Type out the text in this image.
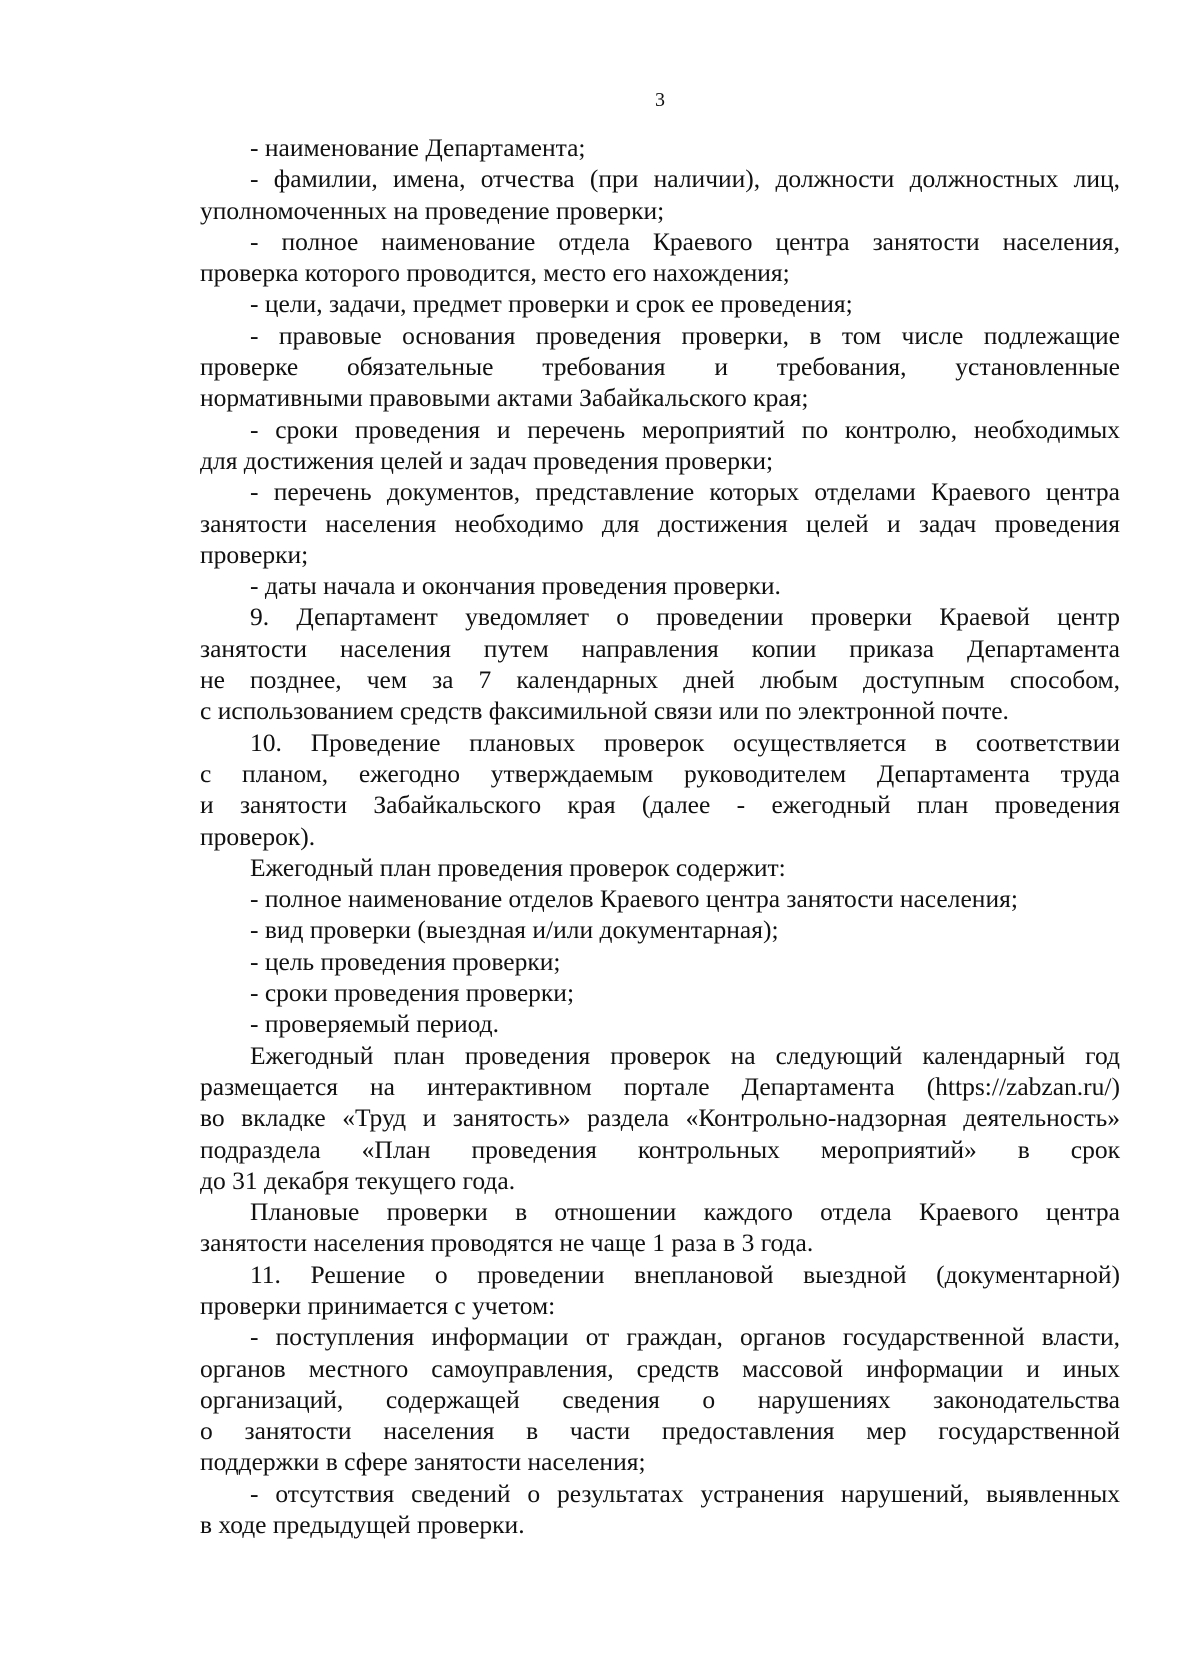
3
- наименование Департамента;
- фамилии, имена, отчества (при наличии), должности должностных лиц,
уполномоченных на проведение проверки;
- полное наименование отдела Краевого центра занятости населения,
проверка которого проводится, место его нахождения;
- цели, задачи, предмет проверки и срок ее проведения;
- правовые основания проведения проверки, в том числе подлежащие
проверке обязательные требования и требования, установленные
нормативными правовыми актами Забайкальского края;
- сроки проведения и перечень мероприятий по контролю, необходимых
для достижения целей и задач проведения проверки;
- перечень документов, представление которых отделами Краевого центра
занятости населения необходимо для достижения целей и задач проведения
проверки;
- даты начала и окончания проведения проверки.
9. Департамент уведомляет о проведении проверки Краевой центр
занятости населения путем направления копии приказа Департамента
не позднее, чем за 7 календарных дней любым доступным способом,
с использованием средств факсимильной связи или по электронной почте.
10. Проведение плановых проверок осуществляется в соответствии
с планом, ежегодно утверждаемым руководителем Департамента труда
и занятости Забайкальского края (далее - ежегодный план проведения
проверок).
Ежегодный план проведения проверок содержит:
- полное наименование отделов Краевого центра занятости населения;
- вид проверки (выездная и/или документарная);
- цель проведения проверки;
- сроки проведения проверки;
- проверяемый период.
Ежегодный план проведения проверок на следующий календарный год
размещается на интерактивном портале Департамента (https://zabzan.ru/)
во вкладке «Труд и занятость» раздела «Контрольно-надзорная деятельность»
подраздела «План проведения контрольных мероприятий» в срок
до 31 декабря текущего года.
Плановые проверки в отношении каждого отдела Краевого центра
занятости населения проводятся не чаще 1 раза в 3 года.
11. Решение о проведении внеплановой выездной (документарной)
проверки принимается с учетом:
- поступления информации от граждан, органов государственной власти,
органов местного самоуправления, средств массовой информации и иных
организаций, содержащей сведения о нарушениях законодательства
о занятости населения в части предоставления мер государственной
поддержки в сфере занятости населения;
- отсутствия сведений о результатах устранения нарушений, выявленных
в ходе предыдущей проверки.
